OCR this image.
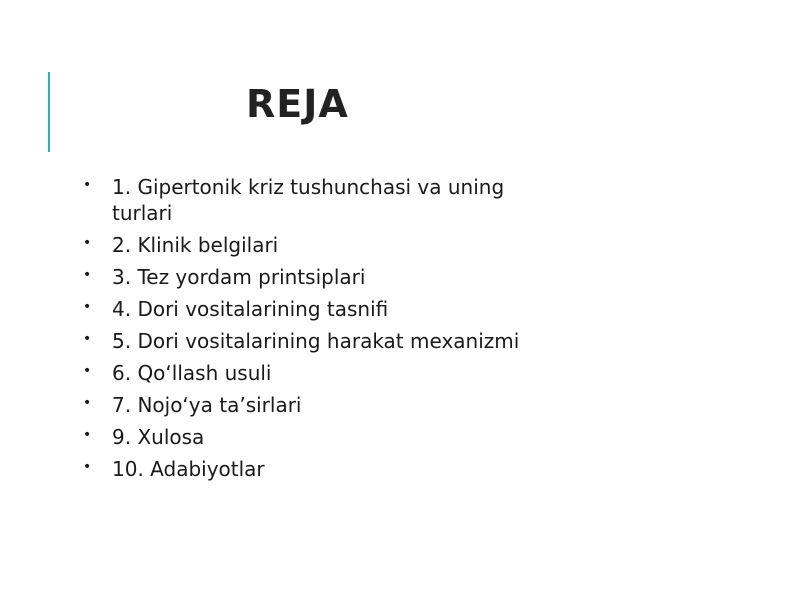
REJA
• 1. Gipertonik kriz tushunchasi va uning turlari
• 2. Klinik belgilari
• 3. Tez yordam printsiplari
• 4. Dori vositalarining tasnifi
• 5. Dori vositalarining harakat mexanizmi
• 6. Qo‘llash usuli
• 7. Nojo‘ya ta’sirlari
• 9. Xulosa
• 10. Adabiyotlar
